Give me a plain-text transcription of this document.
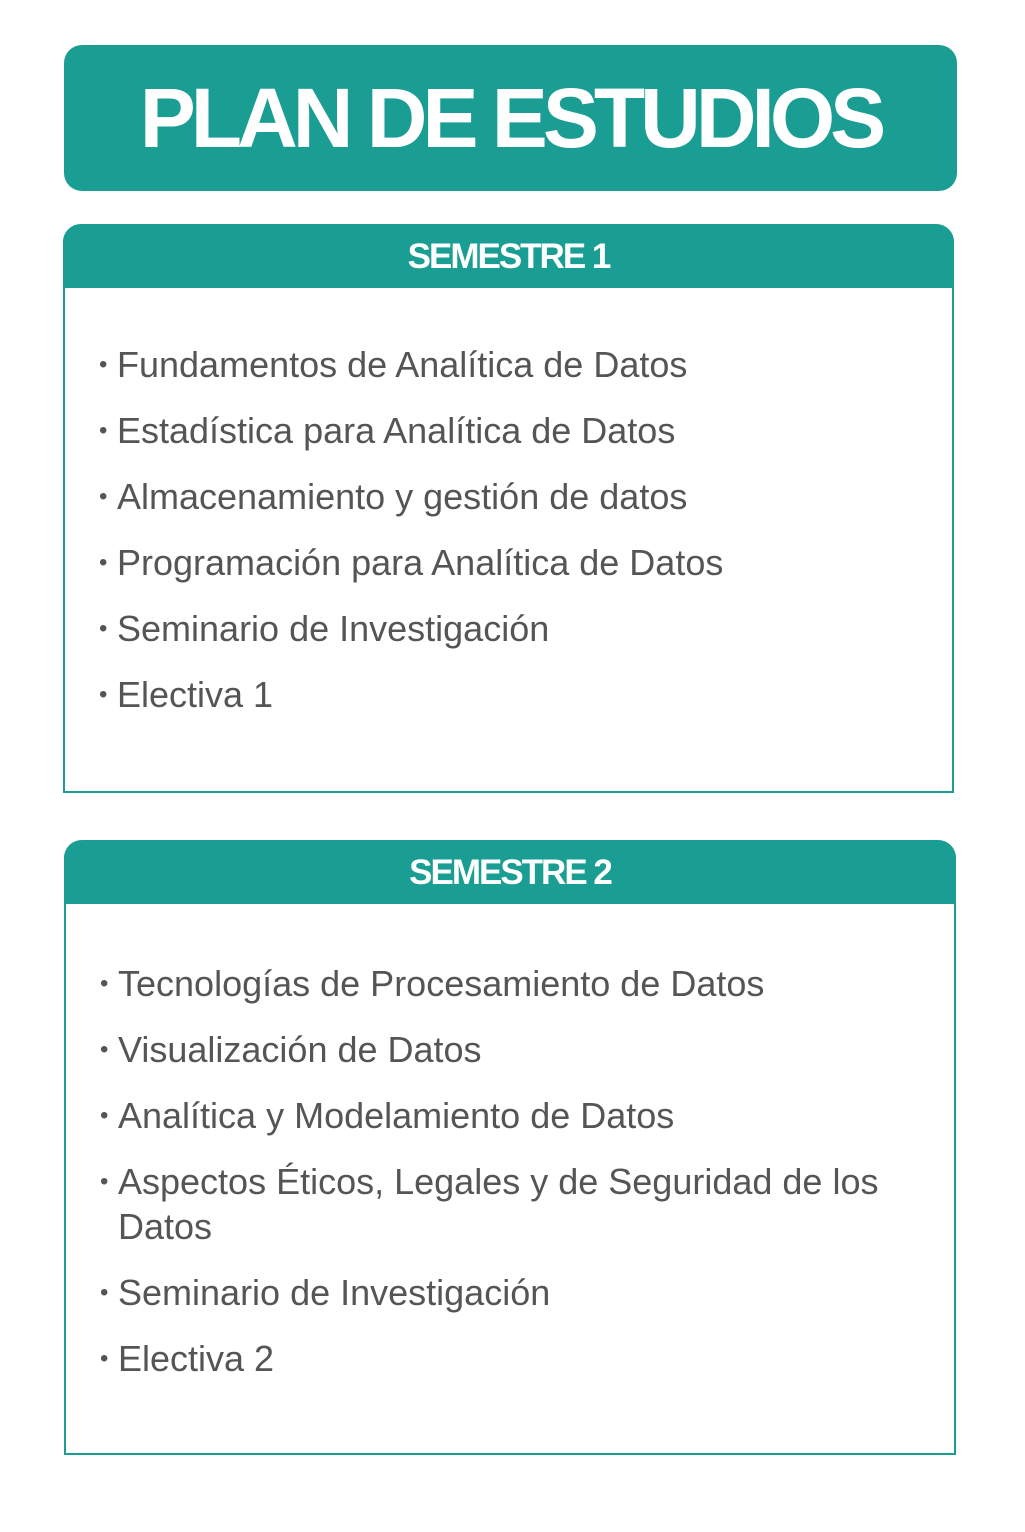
PLAN DE ESTUDIOS
SEMESTRE 1
• Fundamentos de Analítica de Datos
• Estadística para Analítica de Datos
• Almacenamiento y gestión de datos
• Programación para Analítica de Datos
• Seminario de Investigación
• Electiva 1
SEMESTRE 2
• Tecnologías de Procesamiento de Datos
• Visualización de Datos
• Analítica y Modelamiento de Datos
• Aspectos Éticos, Legales y de Seguridad de los Datos
• Seminario de Investigación
• Electiva 2
